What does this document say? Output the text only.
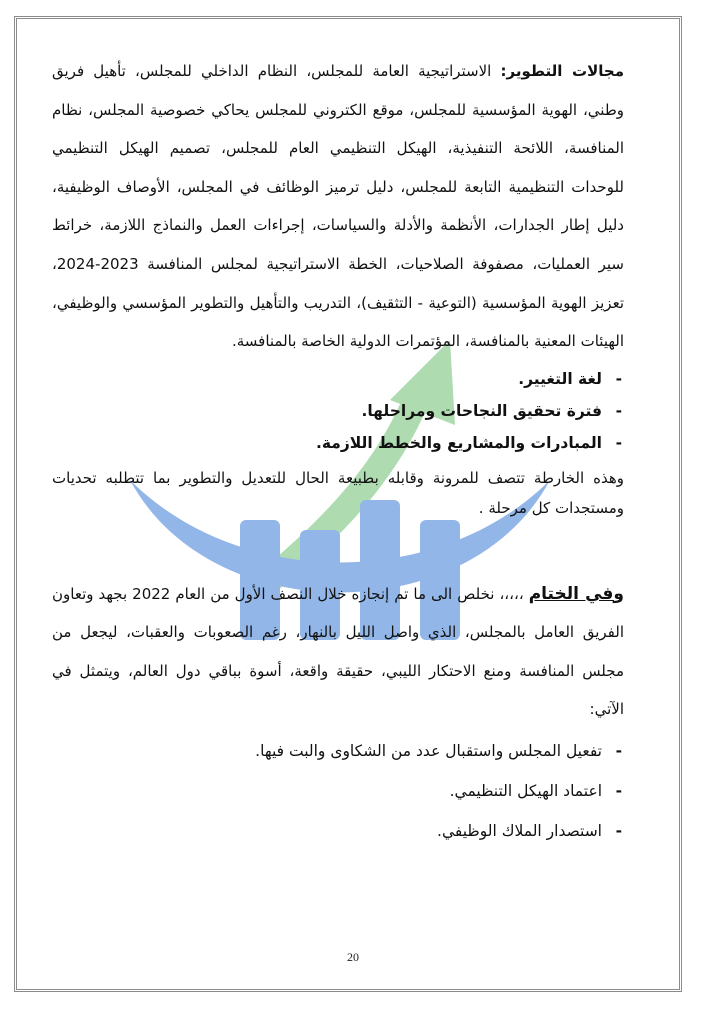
مجالات التطوير: الاستراتيجية العامة للمجلس، النظام الداخلي للمجلس، تأهيل فريق وطني، الهوية المؤسسية للمجلس، موقع الكتروني للمجلس يحاكي خصوصية المجلس، نظام المنافسة، اللائحة التنفيذية، الهيكل التنظيمي العام للمجلس، تصميم الهيكل التنظيمي للوحدات التنظيمية التابعة للمجلس، دليل ترميز الوظائف في المجلس، الأوصاف الوظيفية، دليل إطار الجدارات، الأنظمة والأدلة والسياسات، إجراءات العمل والنماذج اللازمة، خرائط سير العمليات، مصفوفة الصلاحيات، الخطة الاستراتيجية لمجلس المنافسة 2023-2024، تعزيز الهوية المؤسسية (التوعية - التثقيف)، التدريب والتأهيل والتطوير المؤسسي والوظيفي، الهيئات المعنية بالمنافسة، المؤتمرات الدولية الخاصة بالمنافسة.

-
لغة التغيير.
-
فترة تحقيق النجاحات ومراحلها.
-
المبادرات والمشاريع والخطط اللازمة.

وهذه الخارطة تتصف للمرونة وقابله بطبيعة الحال للتعديل والتطوير بما تتطلبه تحديات ومستجدات كل مرحلة .

وفي الختام ،،،،، نخلص الى ما تم إنجازه خلال النصف الأول من العام 2022 بجهد وتعاون الفريق العامل بالمجلس، الذي واصل الليل بالنهار، رغم الصعوبات والعقبات، ليجعل من مجلس المنافسة ومنع الاحتكار الليبي، حقيقة واقعة، أسوة بباقي دول العالم، ويتمثل في الآتي:

-
تفعيل المجلس واستقبال عدد من الشكاوى والبت فيها.
-
اعتماد الهيكل التنظيمي.
-
استصدار الملاك الوظيفي.
20
